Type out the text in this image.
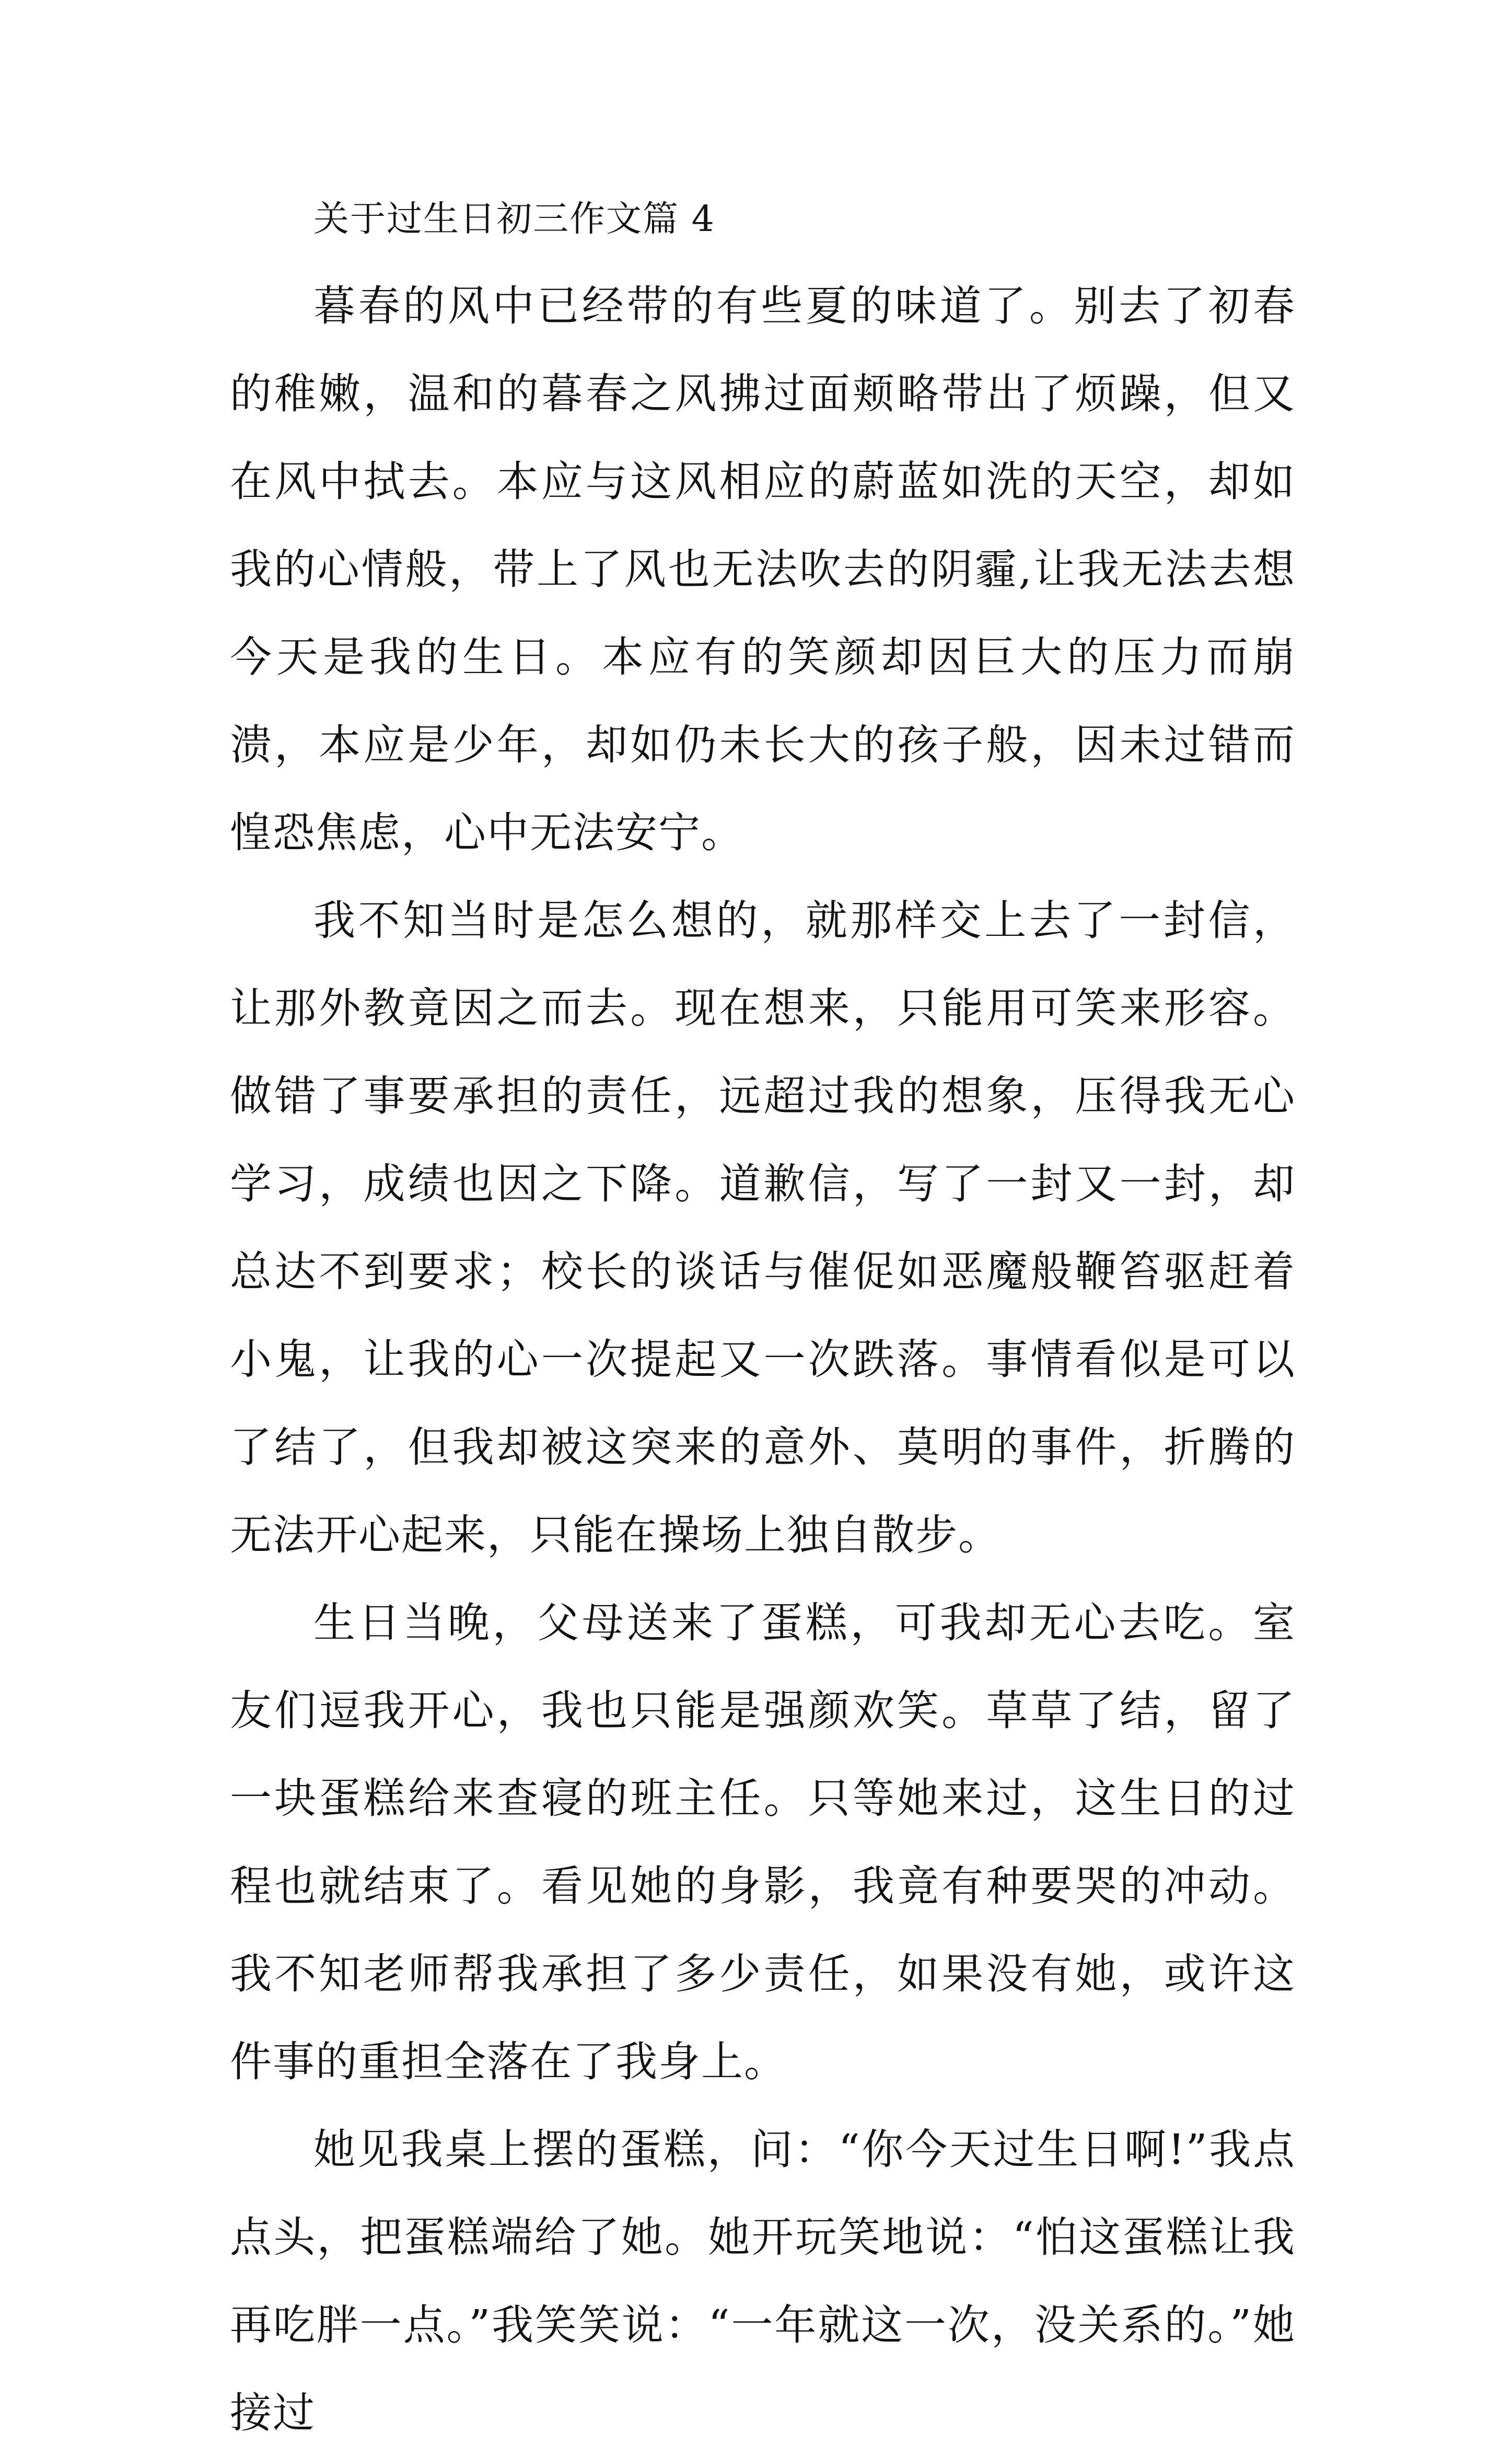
关于过生日初三作文篇 4

暮春的风中已经带的有些夏的味道了。别去了初春的稚嫩，温和的暮春之风拂过面颊略带出了烦躁，但又在风中拭去。本应与这风相应的蔚蓝如洗的天空，却如我的心情般，带上了风也无法吹去的阴霾,让我无法去想今天是我的生日。本应有的笑颜却因巨大的压力而崩溃，本应是少年，却如仍未长大的孩子般，因未过错而惶恐焦虑，心中无法安宁。

我不知当时是怎么想的，就那样交上去了一封信，让那外教竟因之而去。现在想来，只能用可笑来形容。做错了事要承担的责任，远超过我的想象，压得我无心学习，成绩也因之下降。道歉信，写了一封又一封，却总达不到要求；校长的谈话与催促如恶魔般鞭笞驱赶着小鬼，让我的心一次提起又一次跌落。事情看似是可以了结了，但我却被这突来的意外、莫明的事件，折腾的无法开心起来，只能在操场上独自散步。

生日当晚，父母送来了蛋糕，可我却无心去吃。室友们逗我开心，我也只能是强颜欢笑。草草了结，留了一块蛋糕给来查寝的班主任。只等她来过，这生日的过程也就结束了。看见她的身影，我竟有种要哭的冲动。我不知老师帮我承担了多少责任，如果没有她，或许这件事的重担全落在了我身上。

她见我桌上摆的蛋糕，问：“你今天过生日啊!”我点点头，把蛋糕端给了她。她开玩笑地说：“怕这蛋糕让我再吃胖一点。”我笑笑说：“一年就这一次，没关系的。”她接过
